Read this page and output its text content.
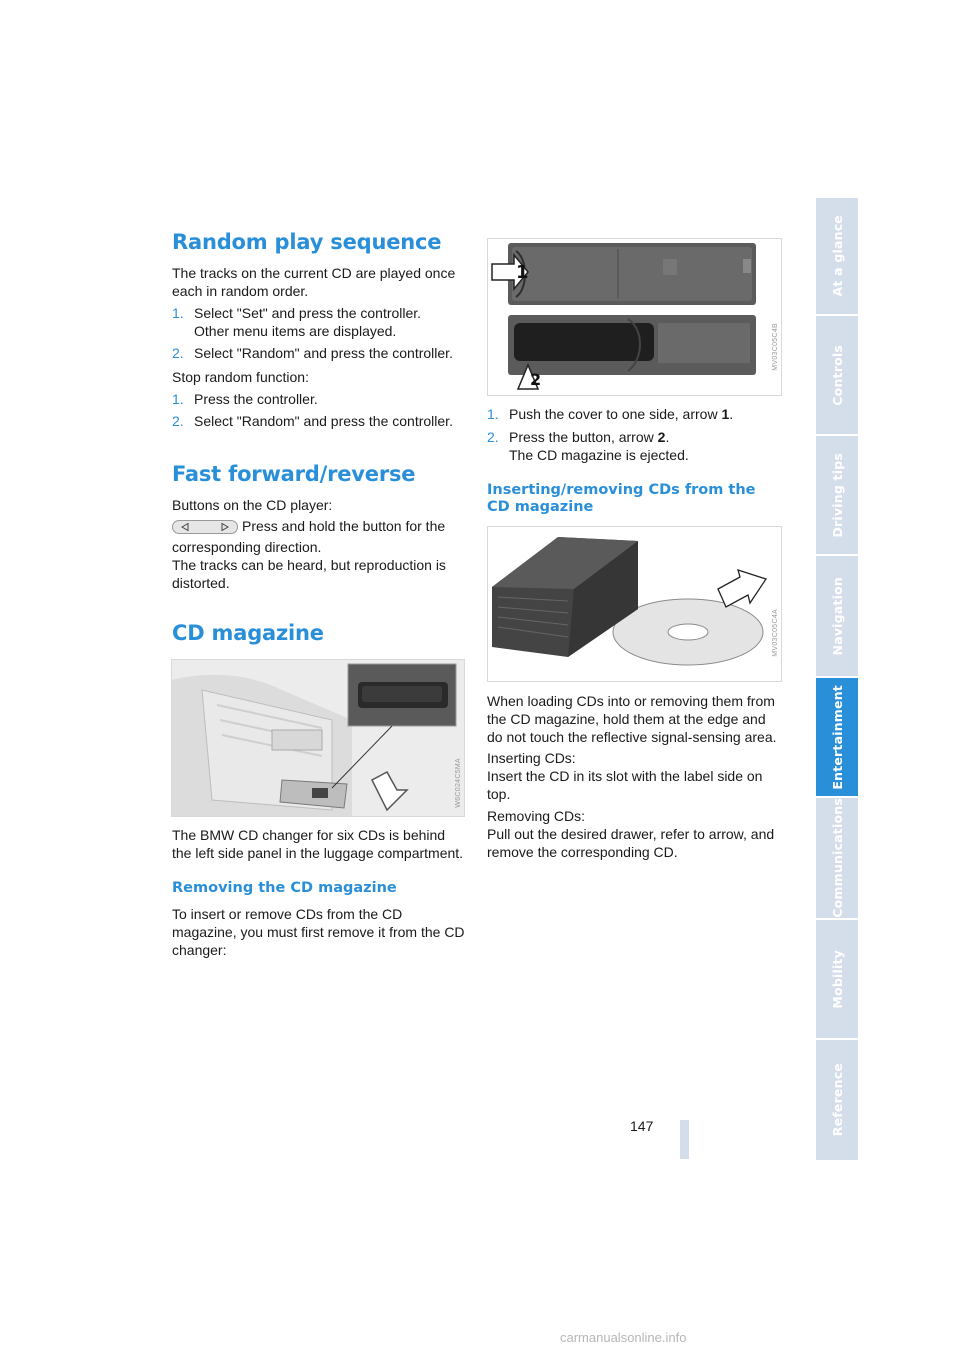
Random play sequence

The tracks on the current CD are played once each in random order.

1. Select "Set" and press the controller.
Other menu items are displayed.
2. Select "Random" and press the controller.

Stop random function:

1. Press the controller.
2. Select "Random" and press the controller.
Fast forward/reverse

Buttons on the CD player:

Press and hold the button for the
corresponding direction.
The tracks can be heard, but reproduction is
distorted.

CD magazine
W6C024C5MA

The BMW CD changer for six CDs is behind the left side panel in the luggage compartment.

Removing the CD magazine

To insert or remove CDs from the CD magazine, you must first remove it from the CD changer:

1
2
MV03C05C4B
1. Push the cover to one side, arrow 1.
2. Press the button, arrow 2.
The CD magazine is ejected.
Inserting/removing CDs from the CD magazine
MV03C05C4A

When loading CDs into or removing them from the CD magazine, hold them at the edge and do not touch the reflective signal-sensing area.

Inserting CDs:

Insert the CD in its slot with the label side on top.

Removing CDs:

Pull out the desired drawer, refer to arrow, and remove the corresponding CD.

At a glance
Controls
Driving tips
Navigation
Entertainment
Communications
Mobility
Reference
147
carmanualsonline.info
